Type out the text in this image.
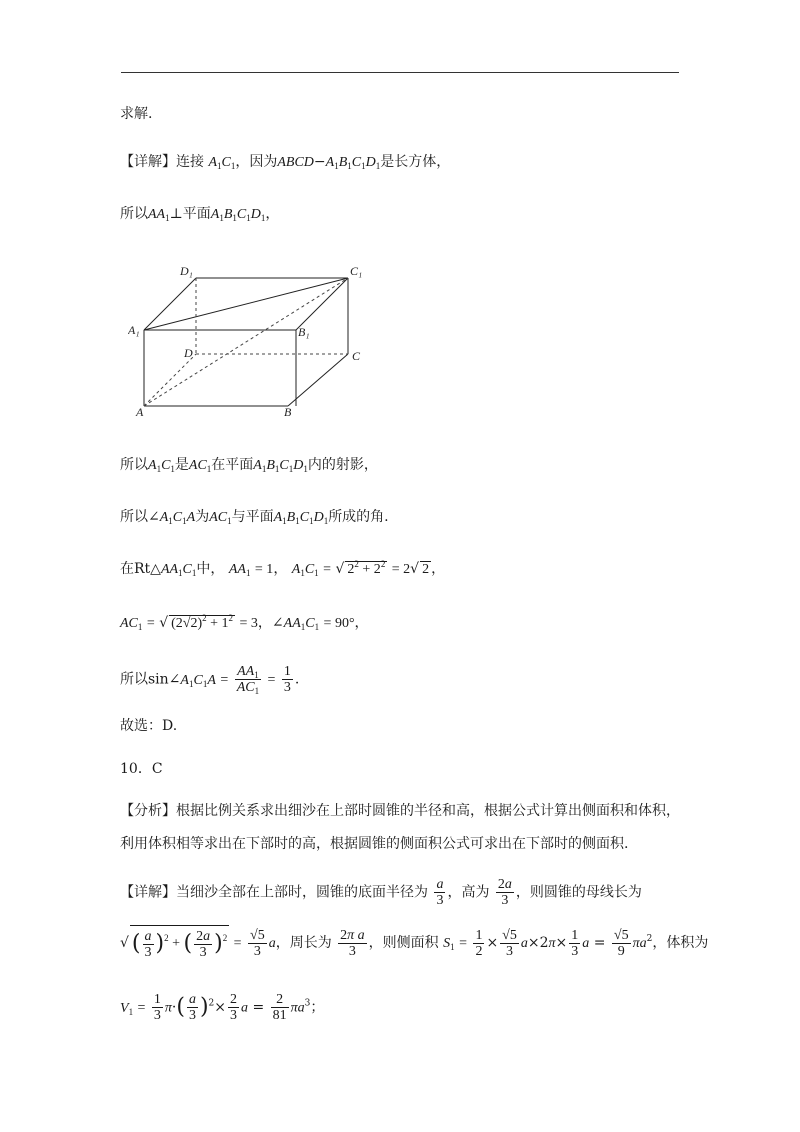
求解.
【详解】连接 $A_1C_1$，因为$ABCD-A_1B_1C_1D_1$是长方体，
所以$AA_1\perp$平面$A_1B_1C_1D_1$，
D₁	C₁
A₁	B₁
D	C
A	B
所以$A_1C_1$是$AC_1$在平面$A_1B_1C_1D_1$内的射影，
所以$\angle A_1C_1A$为$AC_1$与平面$A_1B_1C_1D_1$所成的角.
在$Rt\triangle AA_1C_1$中， $AA_1 = 1$， $A_1C_1$ = √ $2^2 + 2^2 = 2√$ 2 ，
$AC_1$ = √ $(2√2)^2 + 1^2 = 3$，$\angle AA_1C_1 = 90^\circ$，
所以$\sin\angle A_1C_1A = \frac{AA_1}{AC_1} = \frac{1}{3}$ .
故选：D.
10．C
【分析】根据比例关系求出细沙在上部时圆锥的半径和高，根据公式计算出侧面积和体积，
利用体积相等求出在下部时的高，根据圆锥的侧面积公式可求出在下部时的侧面积.
【详解】当细沙全部在上部时，圆锥的底面半径为 $\frac{a}{3}$ ，高为 $\frac{2a}{3}$ ，则圆锥的母线长为
√ ( $\frac{a}{3} )^2$ + ( $\frac{2a}{3} )^2 = \frac{√5}{3}$ a，周长为 $\frac{\text{2π a}}{3}$ ，则侧面积 $S_1 = \frac{1}{2} \times \frac{√5}{3} a\times 2\pi\times \frac{1}{3}$ $a = \frac{√5}{9} \pi a^2$，体积为
$V_1 = \frac{1}{3} \pi\cdot( \frac{a}{3} )^2\times \frac{2}{3}$ $a = \frac{2}{81} \pi a^3$；
